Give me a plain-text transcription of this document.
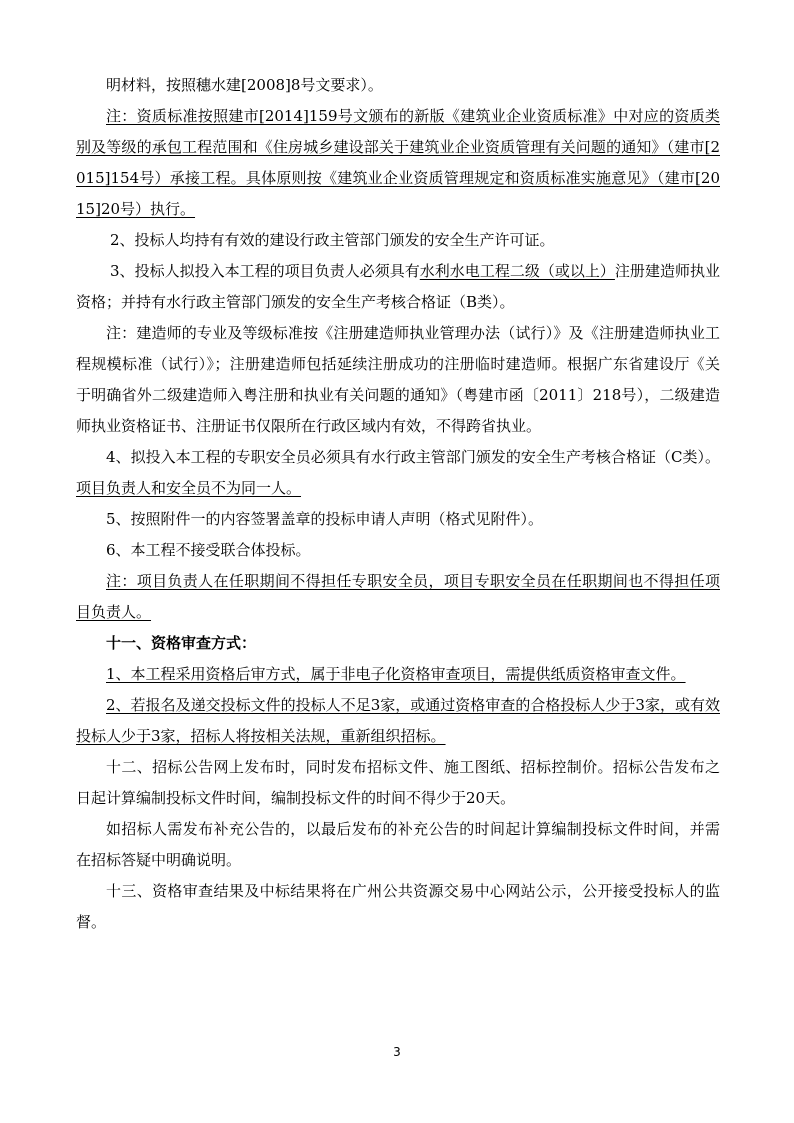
明材料，按照穗水建[2008]8号文要求）。

注：资质标准按照建市[2014]159号文颁布的新版《建筑业企业资质标准》中对应的资质类别及等级的承包工程范围和《住房城乡建设部关于建筑业企业资质管理有关问题的通知》（建市[2015]154号）承接工程。具体原则按《建筑业企业资质管理规定和资质标准实施意见》（建市[2015]20号）执行。

2、投标人均持有有效的建设行政主管部门颁发的安全生产许可证。

3、投标人拟投入本工程的项目负责人必须具有水利水电工程二级（或以上）注册建造师执业资格；并持有水行政主管部门颁发的安全生产考核合格证（B类）。

注：建造师的专业及等级标准按《注册建造师执业管理办法（试行）》及《注册建造师执业工程规模标准（试行）》；注册建造师包括延续注册成功的注册临时建造师。根据广东省建设厅《关于明确省外二级建造师入粤注册和执业有关问题的通知》（粤建市函〔2011〕218号），二级建造师执业资格证书、注册证书仅限所在行政区域内有效，不得跨省执业。

4、拟投入本工程的专职安全员必须具有水行政主管部门颁发的安全生产考核合格证（C类）。项目负责人和安全员不为同一人。

5、按照附件一的内容签署盖章的投标申请人声明（格式见附件）。

6、本工程不接受联合体投标。

注：项目负责人在任职期间不得担任专职安全员，项目专职安全员在任职期间也不得担任项目负责人。

十一、资格审查方式：

1、本工程采用资格后审方式，属于非电子化资格审查项目，需提供纸质资格审查文件。

2、若报名及递交投标文件的投标人不足3家，或通过资格审查的合格投标人少于3家，或有效投标人少于3家，招标人将按相关法规，重新组织招标。

十二、招标公告网上发布时，同时发布招标文件、施工图纸、招标控制价。招标公告发布之日起计算编制投标文件时间，编制投标文件的时间不得少于20天。

如招标人需发布补充公告的，以最后发布的补充公告的时间起计算编制投标文件时间，并需在招标答疑中明确说明。

十三、资格审查结果及中标结果将在广州公共资源交易中心网站公示，公开接受投标人的监督。

3
